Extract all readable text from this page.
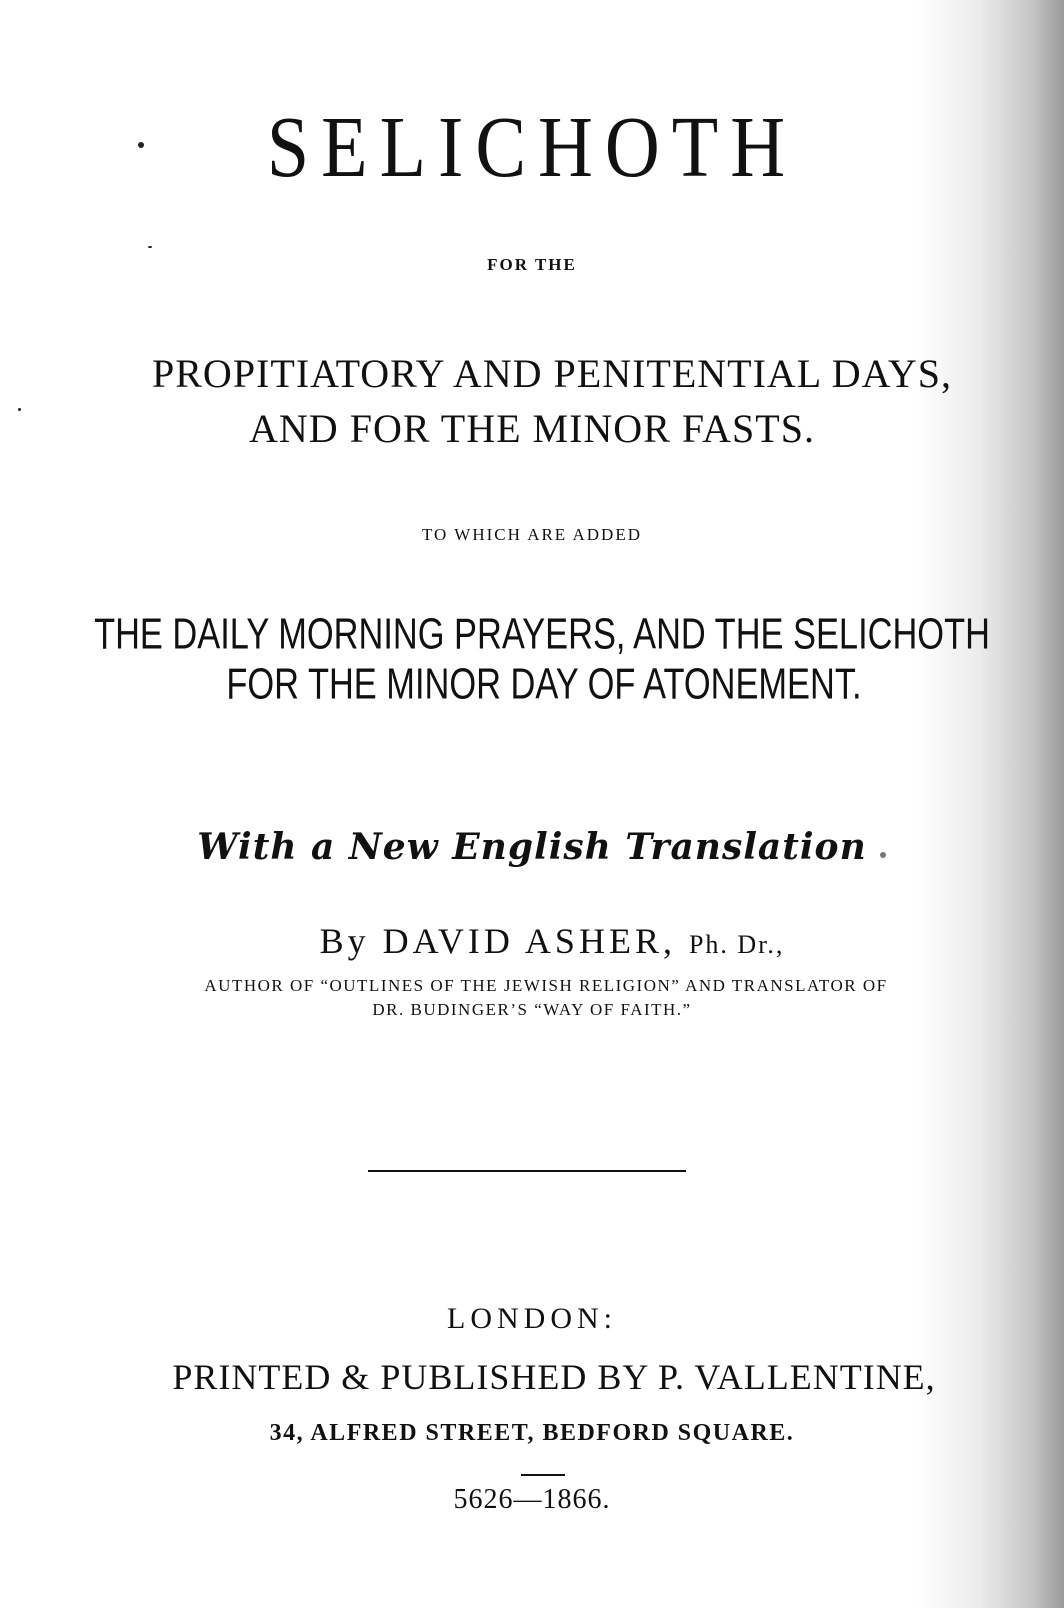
SELICHOTH
FOR THE
PROPITIATORY AND PENITENTIAL DAYS,
AND FOR THE MINOR FASTS.
TO WHICH ARE ADDED
THE DAILY MORNING PRAYERS, AND THE SELICHOTH
FOR THE MINOR DAY OF ATONEMENT.
With a New English Translation
By DAVID ASHER, Ph. Dr.,
AUTHOR OF “OUTLINES OF THE JEWISH RELIGION” AND TRANSLATOR OF
DR. BUDINGER’S “WAY OF FAITH.”
LONDON:
PRINTED & PUBLISHED BY P. VALLENTINE,
34, ALFRED STREET, BEDFORD SQUARE.
5626—1866.
